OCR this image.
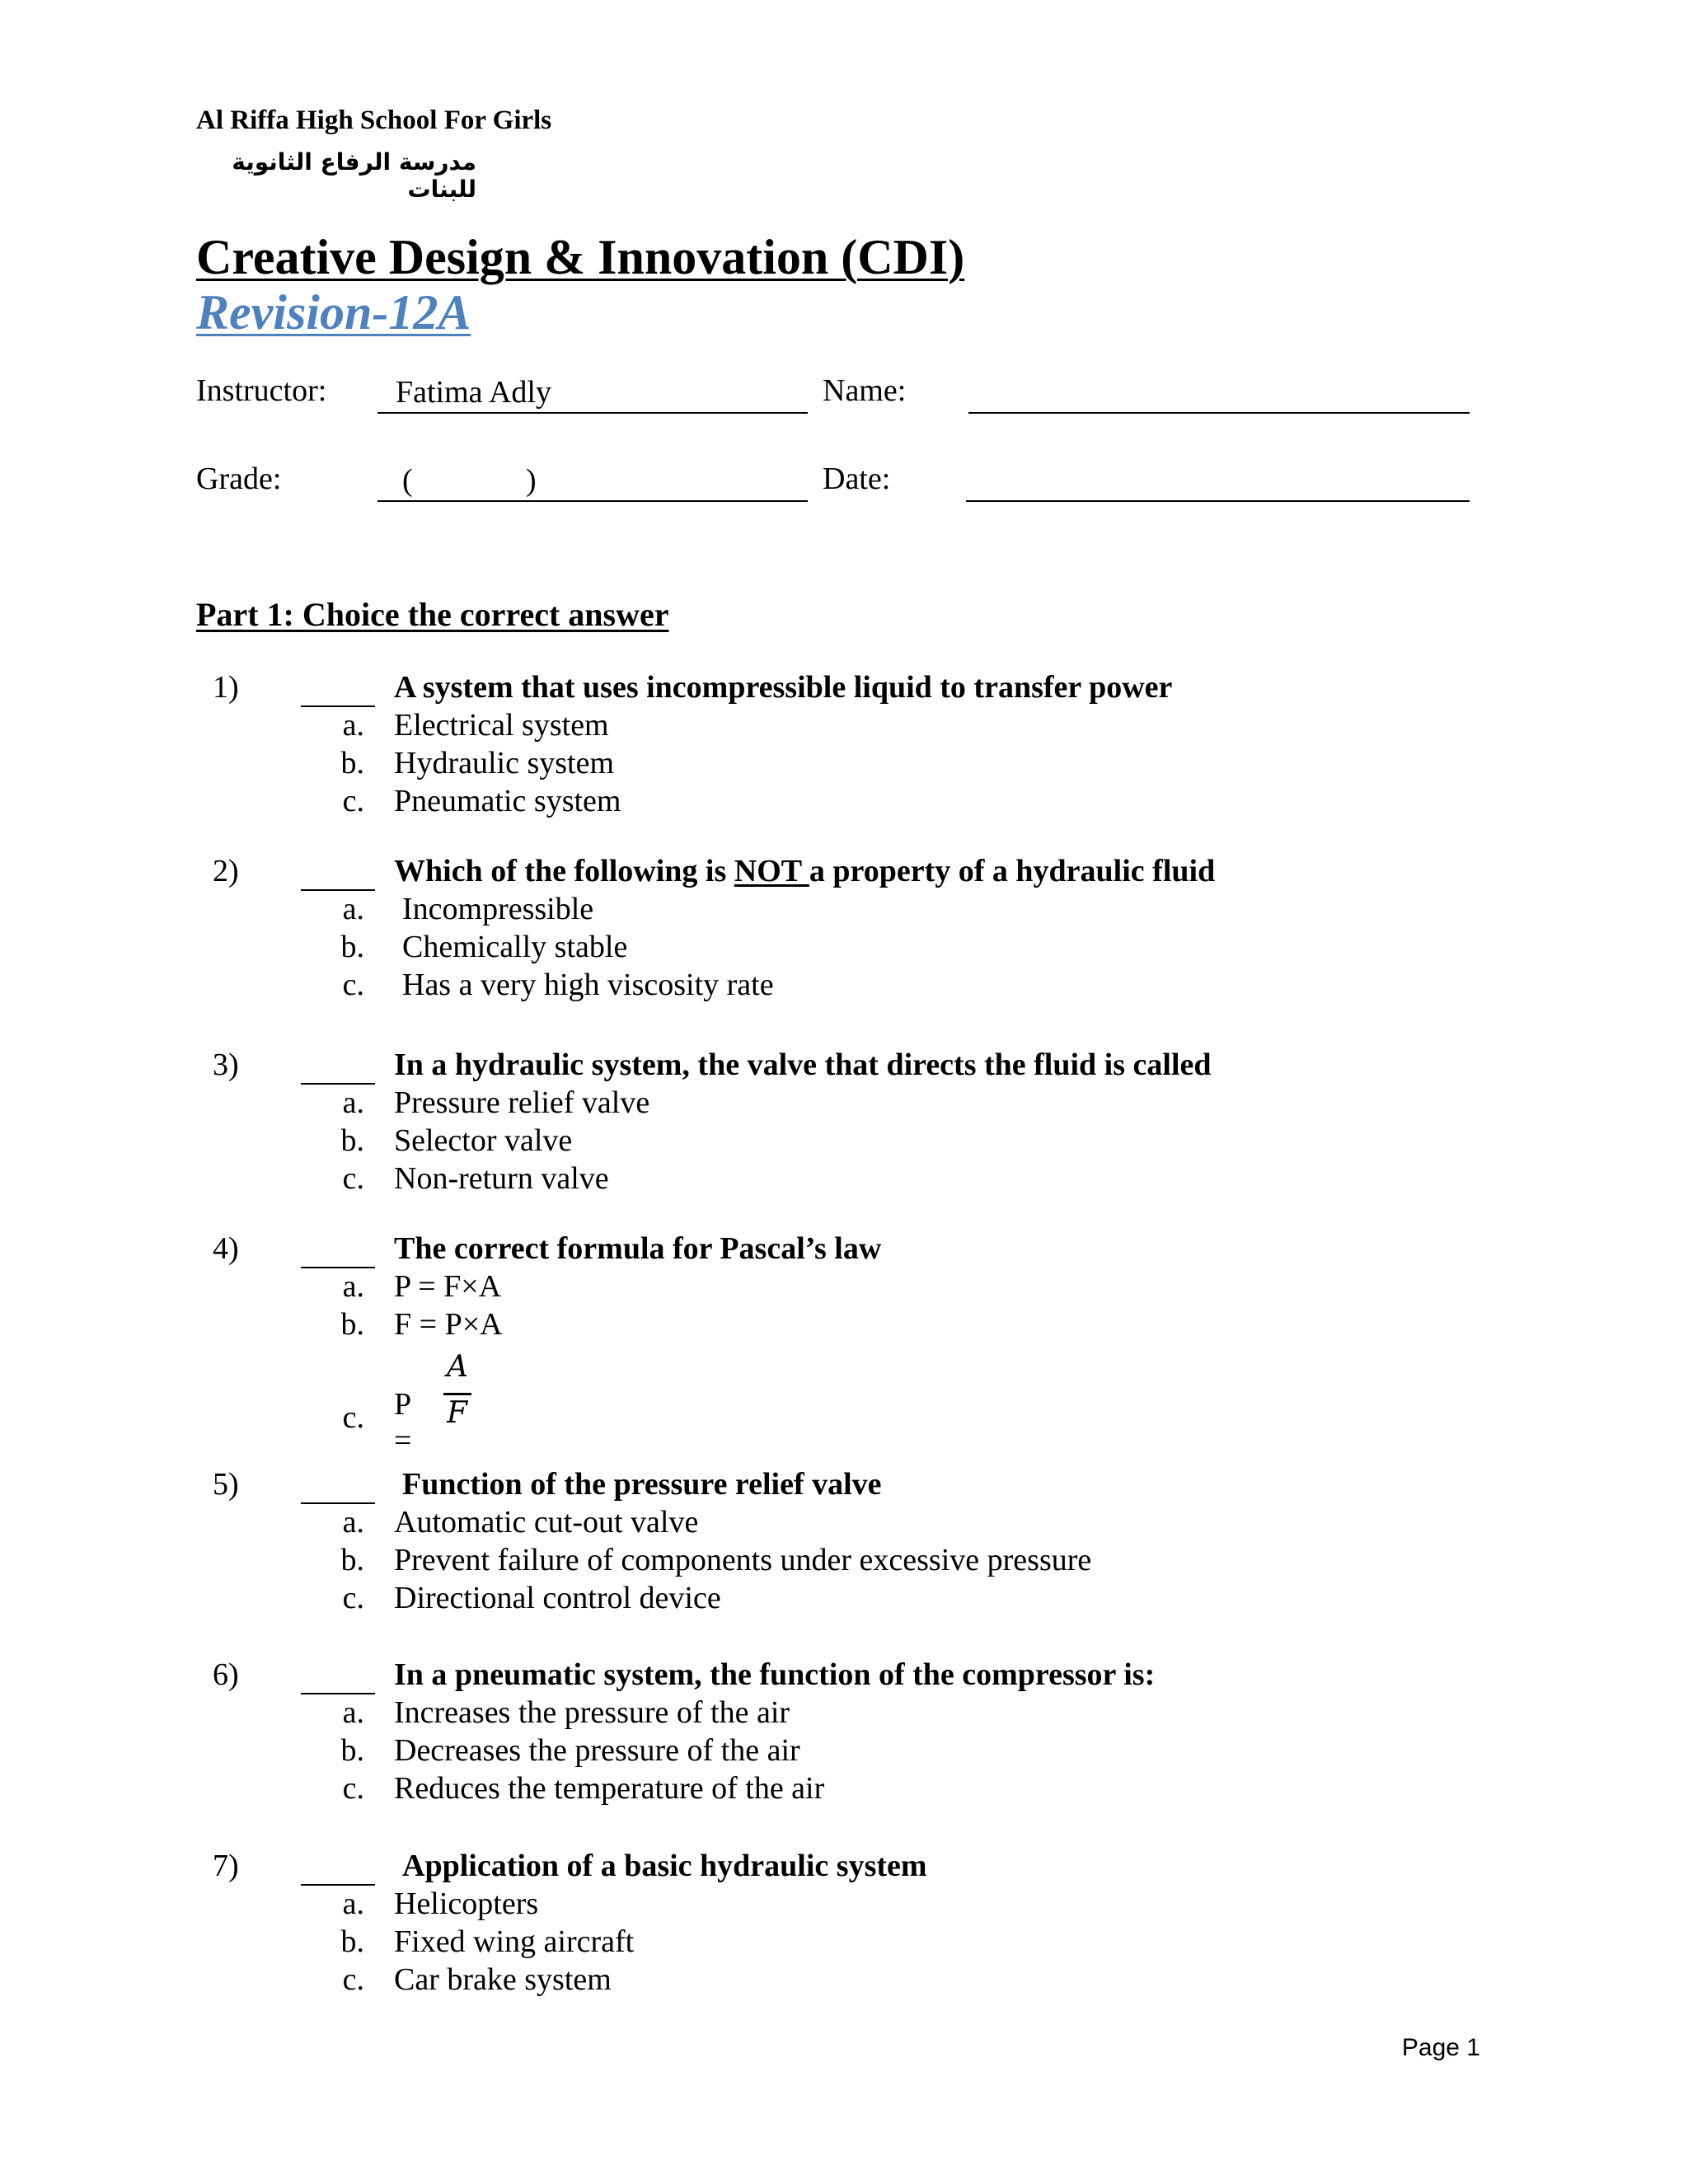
Al Riffa High School For Girls
مدرسة الرفاع الثانوية للبنات
Creative Design & Innovation (CDI)
Revision-12A
Instructor: Fatima Adly	Name:
Grade:	(	)	Date:
Part 1: Choice the correct answer
1)	A system that uses incompressible liquid to transfer power
a. Electrical system
b. Hydraulic system
c. Pneumatic system
2)	Which of the following is NOT a property of a hydraulic fluid
a. Incompressible
b. Chemically stable
c. Has a very high viscosity rate
3)	In a hydraulic system, the valve that directs the fluid is called
a. Pressure relief valve
b. Selector valve
c. Non-return valve
4)	The correct formula for Pascal’s law
a. P = F×A
b. F = P×A
c. P =
A
F
5)	Function of the pressure relief valve
a. Automatic cut-out valve
b. Prevent failure of components under excessive pressure
c. Directional control device
6)	In a pneumatic system, the function of the compressor is:
a. Increases the pressure of the air
b. Decreases the pressure of the air
c. Reduces the temperature of the air
7)	Application of a basic hydraulic system
a. Helicopters
b. Fixed wing aircraft
c. Car brake system
Page 1
